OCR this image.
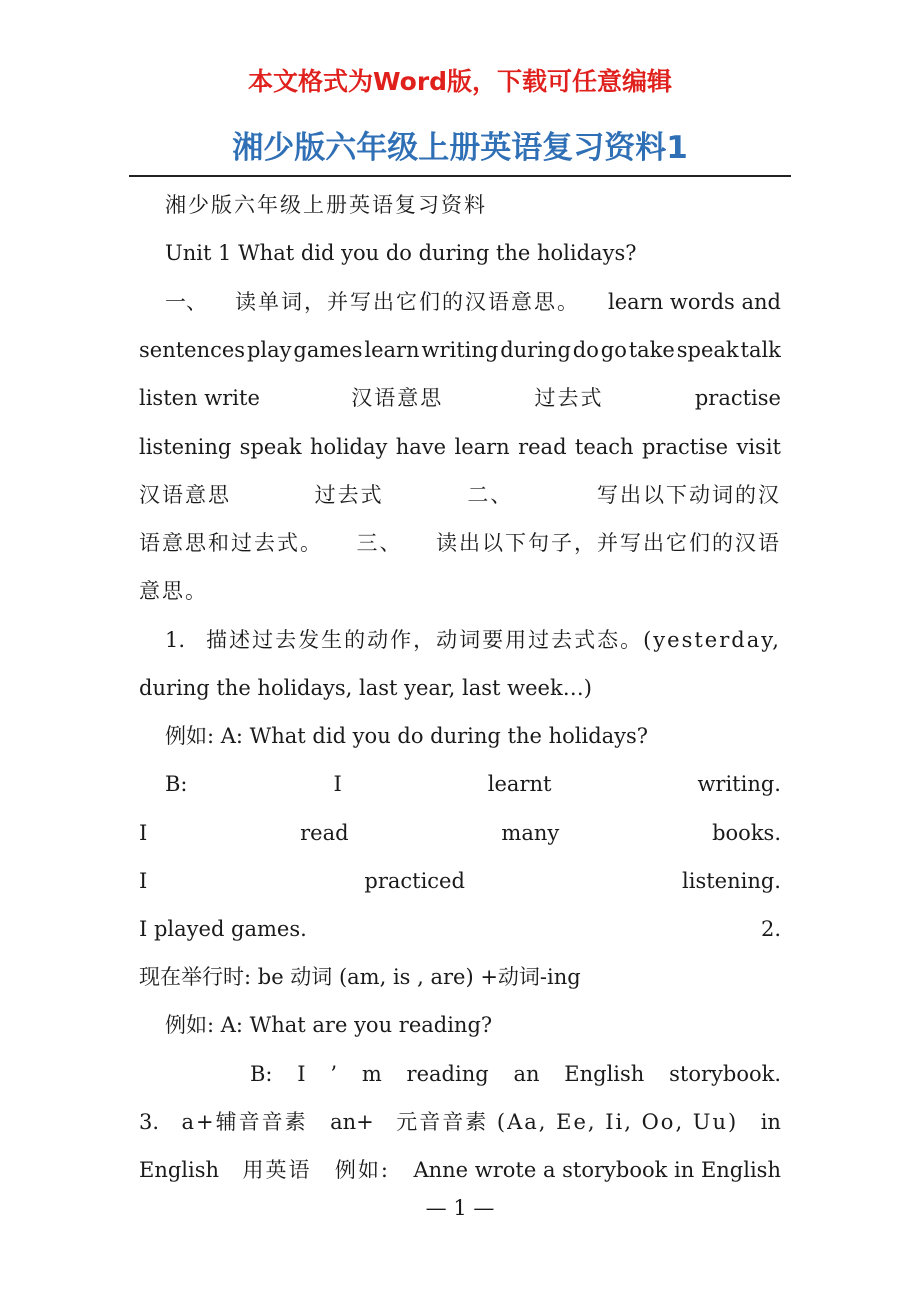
本文格式为Word版，下载可任意编辑
湘少版六年级上册英语复习资料1
湘少版六年级上册英语复习资料
Unit 1 What did you do during the holidays?
一、 读单词，并写出它们的汉语意思。 learn words and
sentences play games learn writing during do go take speak talk
listen write	汉语意思	过去式	practise
listening speak holiday have learn read teach practise visit
汉语意思	过去式	二、	写出以下动词的汉
语意思和过去式。 三、 读出以下句子，并写出它们的汉语
意思。
1. 描述过去发生的动作，动词要用过去式态。(yesterday,
during the holidays, last year, last week…)
例如: A: What did you do during the holidays?
B:	I	learnt	writing.
I	read	many	books.
I	practiced	listening.
I played games.	2.
现在举行时: be 动词 (am, is , are) +动词-ing
例如: A: What are you reading?
B: I ’ m reading an English storybook.
3. a+辅音音素 an+ 元音音素 (Aa, Ee, Ii, Oo, Uu) in
English 用英语 例如: Anne wrote a storybook in English
— 1 —
